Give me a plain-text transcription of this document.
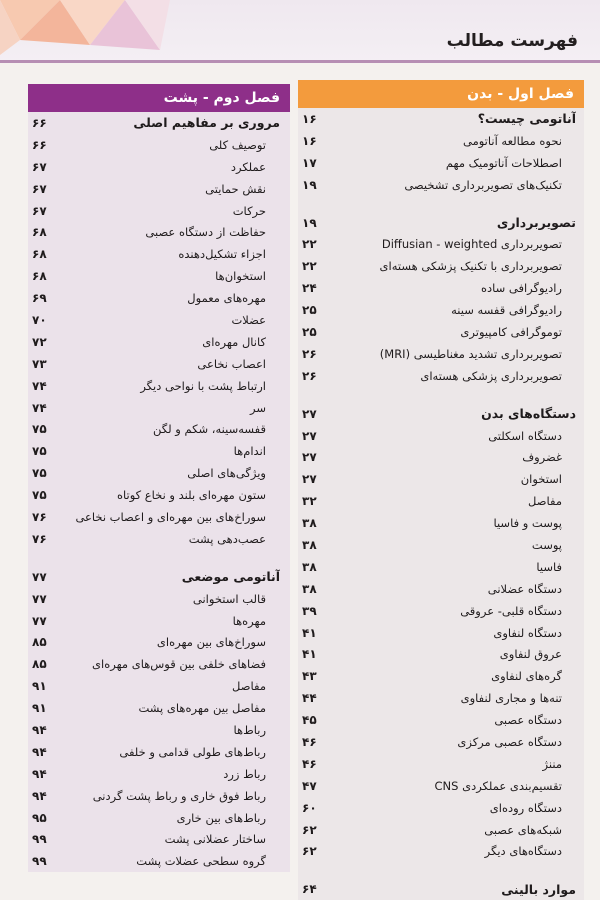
فهرست مطالب
فصل اول - بدن
آناتومی چیست؟
۱۶
نحوه مطالعه آناتومی
۱۶
اصطلاحات آناتومیک مهم
۱۷
تکنیک‌های تصویربرداری تشخیصی
۱۹
تصویربرداری
۱۹
تصویربرداری Diffusian - weighted
۲۲
تصویربرداری با تکنیک پزشکی هسته‌ای
۲۲
رادیوگرافی ساده
۲۴
رادیوگرافی قفسه سینه
۲۵
توموگرافی کامپیوتری
۲۵
تصویربرداری تشدید مغناطیسی (MRI)
۲۶
تصویربرداری پزشکی هسته‌ای
۲۶
دستگاه‌های بدن
۲۷
دستگاه اسکلتی
۲۷
غضروف
۲۷
استخوان
۲۷
مفاصل
۳۲
پوست و فاسیا
۳۸
پوست
۳۸
فاسیا
۳۸
دستگاه عضلانی
۳۸
دستگاه قلبی- عروقی
۳۹
دستگاه لنفاوی
۴۱
عروق لنفاوی
۴۱
گره‌های لنفاوی
۴۳
تنه‌ها و مجاری لنفاوی
۴۴
دستگاه عصبی
۴۵
دستگاه عصبی مرکزی
۴۶
مننژ
۴۶
تقسیم‌بندی عملکردی CNS
۴۷
دستگاه روده‌ای
۶۰
شبکه‌های عصبی
۶۲
دستگاه‌های دیگر
۶۲
موارد بالینی
۶۴
فصل دوم - پشت
مروری بر مفاهیم اصلی
۶۶
توصیف کلی
۶۶
عملکرد
۶۷
نقش حمایتی
۶۷
حرکات
۶۷
حفاظت از دستگاه عصبی
۶۸
اجزاء تشکیل‌دهنده
۶۸
استخوان‌ها
۶۸
مهره‌های معمول
۶۹
عضلات
۷۰
کانال مهره‌ای
۷۲
اعصاب نخاعی
۷۳
ارتباط پشت با نواحی دیگر
۷۴
سر
۷۴
قفسه‌سینه، شکم و لگن
۷۵
اندام‌ها
۷۵
ویژگی‌های اصلی
۷۵
ستون مهره‌ای بلند و نخاع کوتاه
۷۵
سوراخ‌های بین مهره‌ای و اعصاب نخاعی
۷۶
عصب‌دهی پشت
۷۶
آناتومی موضعی
۷۷
قالب استخوانی
۷۷
مهره‌ها
۷۷
سوراخ‌های بین مهره‌ای
۸۵
فضاهای خلفی بین قوس‌های مهره‌ای
۸۵
مفاصل
۹۱
مفاصل بین مهره‌های پشت
۹۱
رباط‌ها
۹۴
رباط‌های طولی قدامی و خلفی
۹۴
رباط زرد
۹۴
رباط فوق خاری و رباط پشت گردنی
۹۴
رباط‌های بین خاری
۹۵
ساختار عضلانی پشت
۹۹
گروه سطحی عضلات پشت
۹۹
